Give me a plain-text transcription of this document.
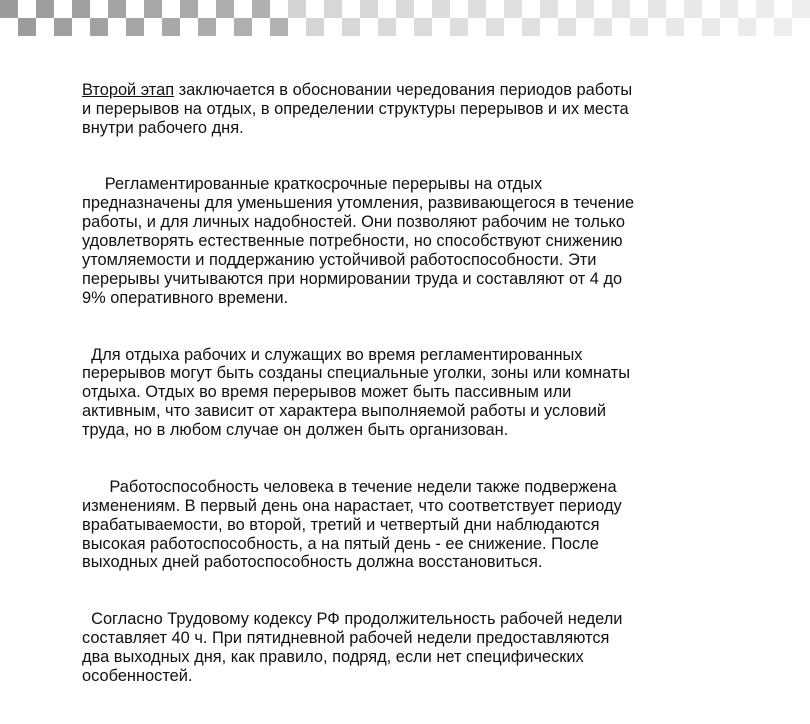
Второй этап заключается в обосновании чередования периодов работы
и перерывов на отдых, в определении структуры перерывов и их места
внутри рабочего дня.

Регламентированные краткосрочные перерывы на отдых
предназначены для уменьшения утомления, развивающегося в течение
работы, и для личных надобностей. Они позволяют рабочим не только
удовлетворять естественные потребности, но способствуют снижению
утомляемости и поддержанию устойчивой работоспособности. Эти
перерывы учитываются при нормировании труда и составляют от 4 до
9% оперативного времени.

Для отдыха рабочих и служащих во время регламентированных
перерывов могут быть созданы специальные уголки, зоны или комнаты
отдыха. Отдых во время перерывов может быть пассивным или
активным, что зависит от характера выполняемой работы и условий
труда, но в любом случае он должен быть организован.

Работоспособность человека в течение недели также подвержена
изменениям. В первый день она нарастает, что соответствует периоду
врабатываемости, во второй, третий и четвертый дни наблюдаются
высокая работоспособность, а на пятый день - ее снижение. После
выходных дней работоспособность должна восстановиться.

Согласно Трудовому кодексу РФ продолжительность рабочей недели
составляет 40 ч. При пятидневной рабочей недели предоставляются
два выходных дня, как правило, подряд, если нет специфических
особенностей.
